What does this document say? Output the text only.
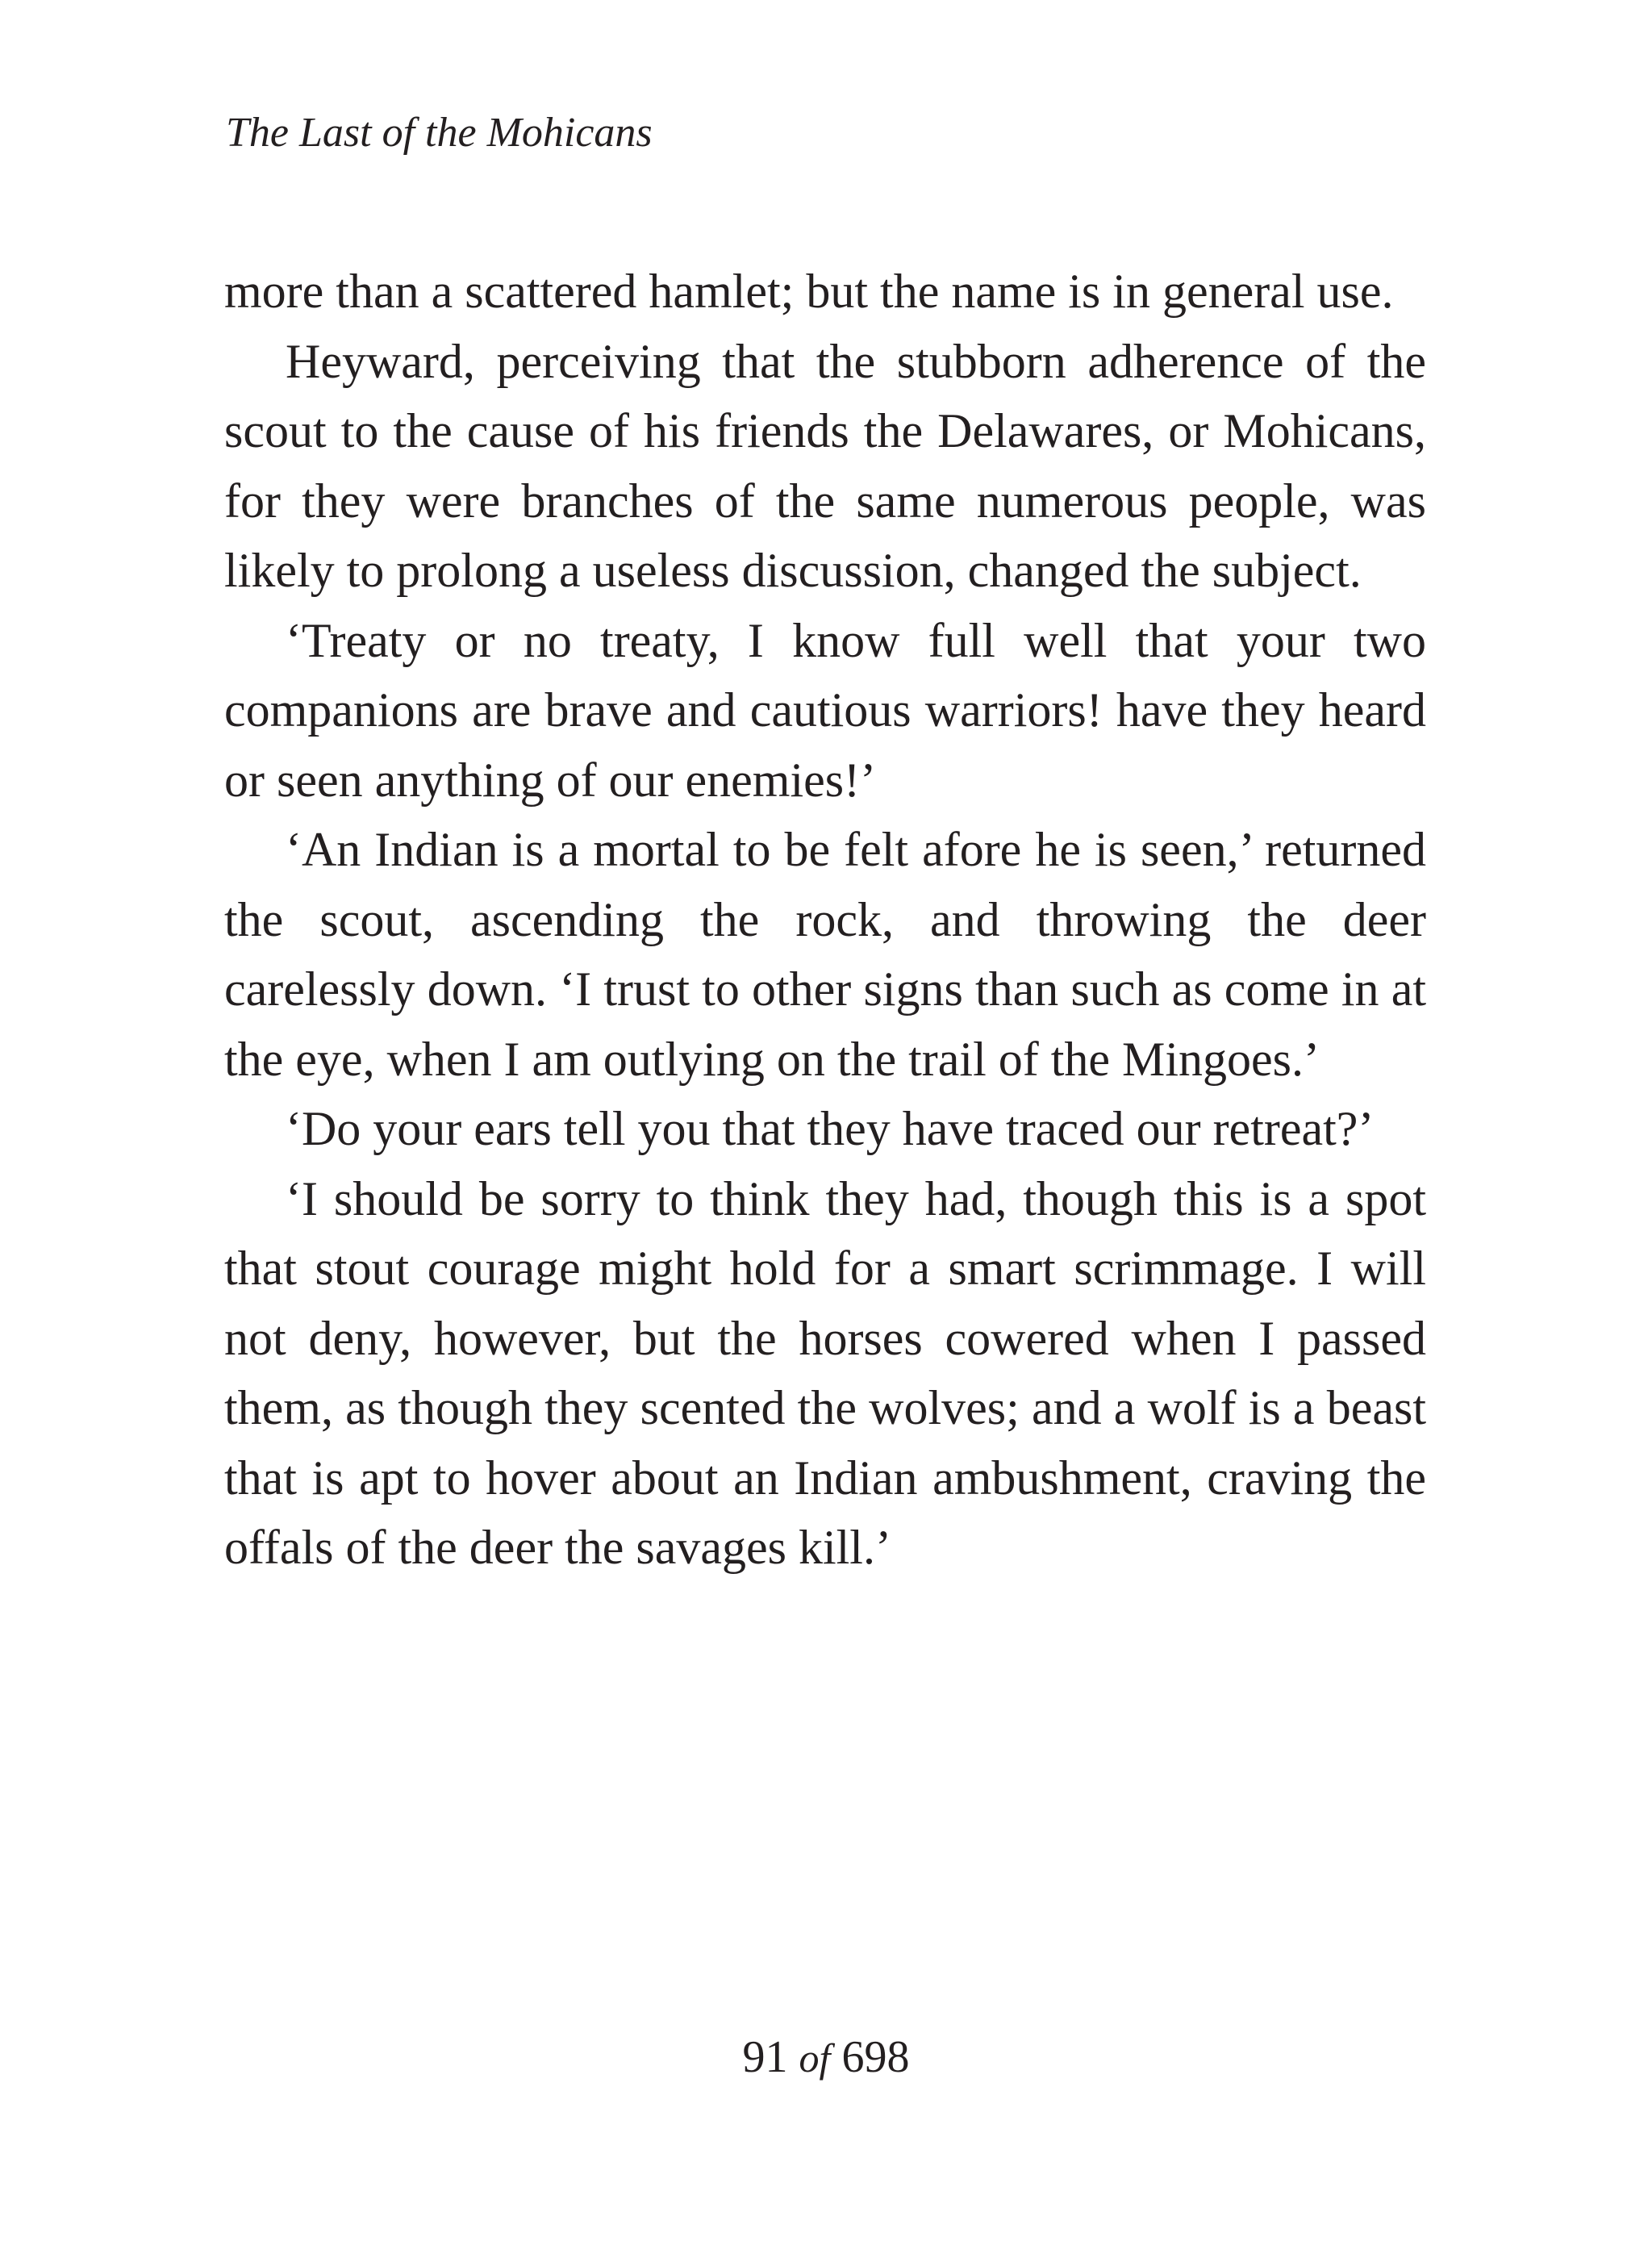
The Last of the Mohicans

more than a scattered hamlet; but the name is in general use.

Heyward, perceiving that the stubborn adherence of the scout to the cause of his friends the Delawares, or Mohicans, for they were branches of the same numerous people, was likely to prolong a useless discussion, changed the subject.

‘Treaty or no treaty, I know full well that your two companions are brave and cautious warriors! have they heard or seen anything of our enemies!’

‘An Indian is a mortal to be felt afore he is seen,’ returned the scout, ascending the rock, and throwing the deer carelessly down. ‘I trust to other signs than such as come in at the eye, when I am outlying on the trail of the Mingoes.’

‘Do your ears tell you that they have traced our retreat?’

‘I should be sorry to think they had, though this is a spot that stout courage might hold for a smart scrimmage. I will not deny, however, but the horses cowered when I passed them, as though they scented the wolves; and a wolf is a beast that is apt to hover about an Indian ambushment, craving the offals of the deer the savages kill.’

91 of 698
